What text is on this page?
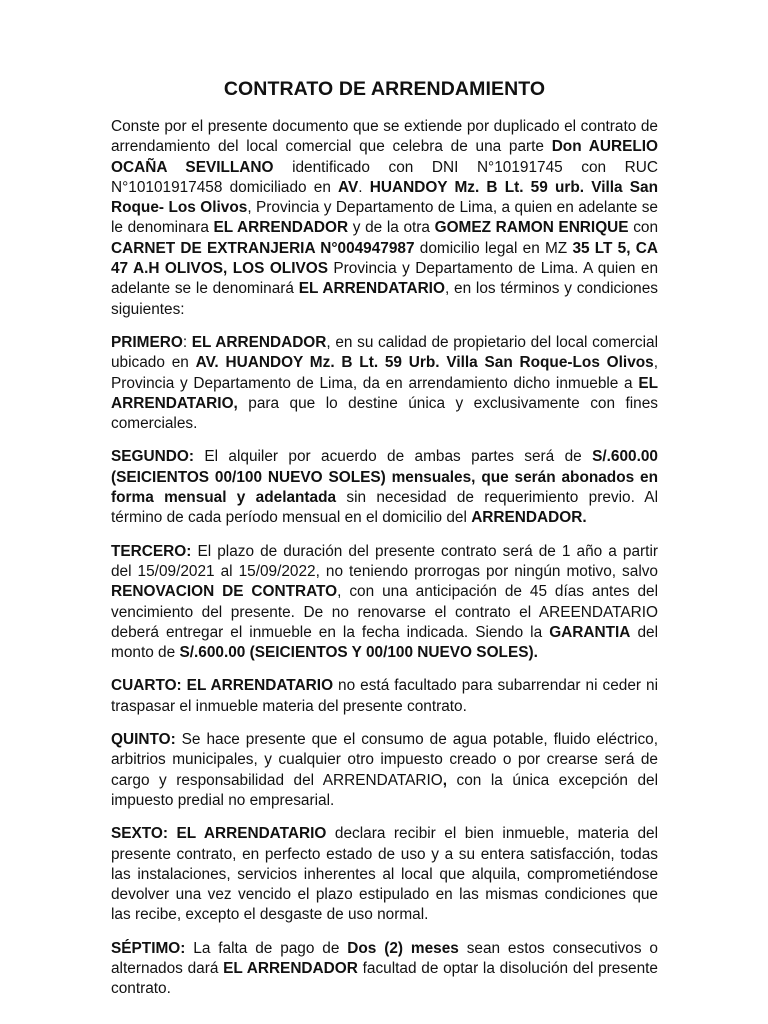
CONTRATO DE ARRENDAMIENTO

Conste por el presente documento que se extiende por duplicado el contrato de arrendamiento del local comercial que celebra de una parte Don AURELIO OCAÑA SEVILLANO identificado con DNI N°10191745 con RUC N°10101917458 domiciliado en AV. HUANDOY Mz. B Lt. 59 urb. Villa San Roque- Los Olivos, Provincia y Departamento de Lima, a quien en adelante se le denominara EL ARRENDADOR y de la otra GOMEZ RAMON ENRIQUE con CARNET DE EXTRANJERIA N°004947987 domicilio legal en MZ 35 LT 5, CA 47 A.H OLIVOS, LOS OLIVOS Provincia y Departamento de Lima. A quien en adelante se le denominará EL ARRENDATARIO, en los términos y condiciones siguientes:

PRIMERO: EL ARRENDADOR, en su calidad de propietario del local comercial ubicado en AV. HUANDOY Mz. B Lt. 59 Urb. Villa San Roque-Los Olivos, Provincia y Departamento de Lima, da en arrendamiento dicho inmueble a EL ARRENDATARIO, para que lo destine única y exclusivamente con fines comerciales.

SEGUNDO: El alquiler por acuerdo de ambas partes será de S/.600.00 (SEICIENTOS 00/100 NUEVO SOLES) mensuales, que serán abonados en forma mensual y adelantada sin necesidad de requerimiento previo. Al término de cada período mensual en el domicilio del ARRENDADOR.

TERCERO: El plazo de duración del presente contrato será de 1 año a partir del 15/09/2021 al 15/09/2022, no teniendo prorrogas por ningún motivo, salvo RENOVACION DE CONTRATO, con una anticipación de 45 días antes del vencimiento del presente. De no renovarse el contrato el AREENDATARIO deberá entregar el inmueble en la fecha indicada. Siendo la GARANTIA del monto de S/.600.00 (SEICIENTOS Y 00/100 NUEVO SOLES).

CUARTO: EL ARRENDATARIO no está facultado para subarrendar ni ceder ni traspasar el inmueble materia del presente contrato.

QUINTO: Se hace presente que el consumo de agua potable, fluido eléctrico, arbitrios municipales, y cualquier otro impuesto creado o por crearse será de cargo y responsabilidad del ARRENDATARIO, con la única excepción del impuesto predial no empresarial.

SEXTO: EL ARRENDATARIO declara recibir el bien inmueble, materia del presente contrato, en perfecto estado de uso y a su entera satisfacción, todas las instalaciones, servicios inherentes al local que alquila, comprometiéndose devolver una vez vencido el plazo estipulado en las mismas condiciones que las recibe, excepto el desgaste de uso normal.

SÉPTIMO: La falta de pago de Dos (2) meses sean estos consecutivos o alternados dará EL ARRENDADOR facultad de optar la disolución del presente contrato.
